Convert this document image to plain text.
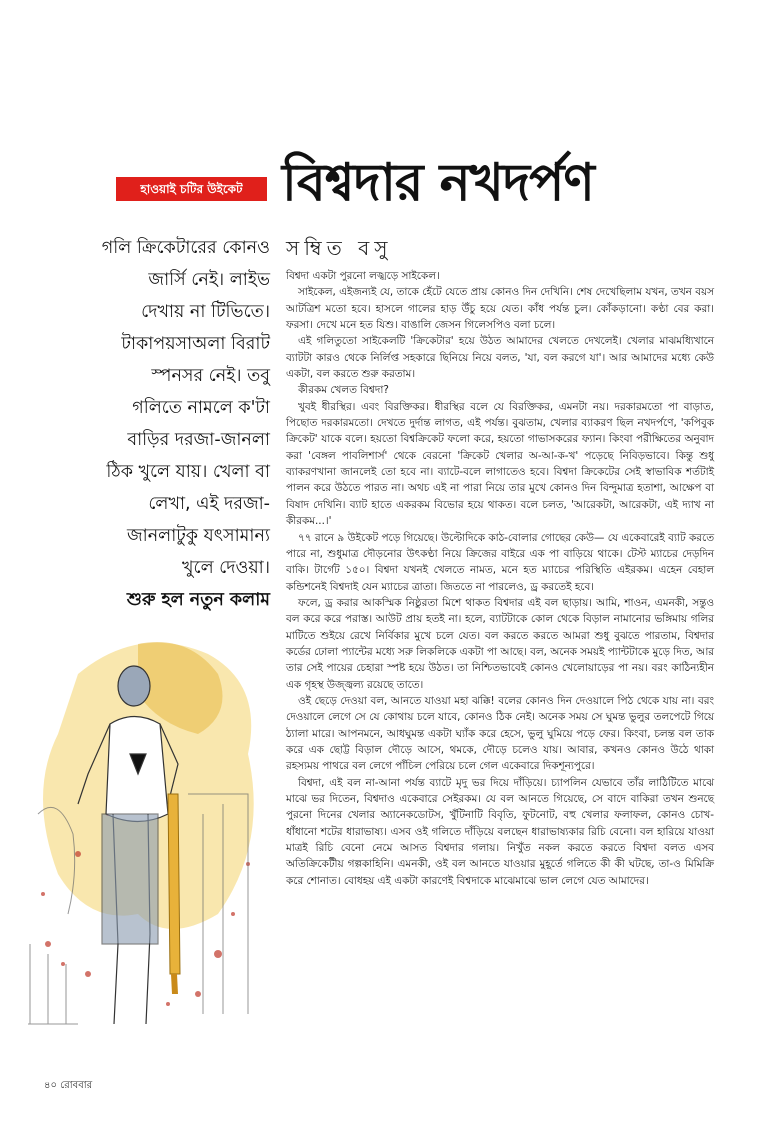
হাওয়াই চটির উইকেট বিশ্বদার নখদর্পণ
সম্বিত বসু
গলি ক্রিকেটারের কোনও
জার্সি নেই। লাইভ
দেখায় না টিভিতে।
টাকাপয়সাঅলা বিরাট
স্পনসর নেই। তবু
গলিতে নামলে ক'টা
বাড়ির দরজা-জানলা
ঠিক খুলে যায়। খেলা বা
লেখা, এই দরজা-
জানলাটুকু যৎসামান্য
খুলে দেওয়া।
শুরু হল নতুন কলাম

বিশ্বদা একটা পুরনো লজ্ঝড়ে সাইকেল।

সাইকেল, এইজন্যই যে, তাকে হেঁটে যেতে প্রায় কোনও দিন দেখিনি। শেষ দেখেছিলাম যখন, তখন বয়স আটত্রিশ মতো হবে। হাসলে গালের হাড় উঁচু হয়ে যেত। কাঁধ পর্যন্ত চুল। কোঁকড়ানো। কণ্ঠা বের করা। ফরসা। দেখে মনে হত যিশু। বাঙালি জেসন গিলেসপিও বলা চলে।

এই গলিতুতো সাইকেলটি 'ক্রিকেটার' হয়ে উঠত আমাদের খেলতে দেখলেই। খেলার মাঝমধ্যিখানে ব্যাটটা কারও থেকে নির্লিপ্ত সহকারে ছিনিয়ে নিয়ে বলত, 'যা, বল করগে যা'। আর আমাদের মধ্যে কেউ একটা, বল করতে শুরু করতাম।

কীরকম খেলত বিশ্বদা?

খুবই ধীরস্থির। এবং বিরক্তিকর। ধীরস্থির বলে যে বিরক্তিকর, এমনটা নয়। দরকারমতো পা বাড়াত, পিছোত দরকারমতো। দেখতে দুর্দান্ত লাগত, এই পর্যন্ত। বুঝতাম, খেলার ব্যাকরণ ছিল নখদর্পণে, 'কপিবুক ক্রিকেট' যাকে বলে। হয়তো বিশ্বক্রিকেট ফলো করে, হয়তো গাভাসকরের ফ্যান। কিংবা পরীক্ষিতের অনুবাদ করা 'বেঙ্গল পাবলিশার্স' থেকে বেরনো 'ক্রিকেট খেলার অ-আ-ক-খ' পড়েছে নিবিড়ভাবে। কিন্তু শুধু ব্যাকরণখানা জানলেই তো হবে না। ব্যাটে-বলে লাগাতেও হবে। বিশ্বদা ক্রিকেটের সেই স্বাভাবিক শর্তটাই পালন করে উঠতে পারত না। অথচ এই না পারা নিয়ে তার মুখে কোনও দিন বিন্দুমাত্র হতাশা, আক্ষেপ বা বিষাদ দেখিনি। ব্যাট হাতে একরকম বিভোর হয়ে থাকত। বলে চলত, 'আরেকটা, আরেকটা, এই দ্যাখ না কীরকম...।'

৭৭ রানে ৯ উইকেট পড়ে গিয়েছে। উল্টোদিকে কাঠ-বোলার গোছের কেউ— যে একেবারেই ব্যাট করতে পারে না, শুধুমাত্র দৌড়নোর উৎকণ্ঠা নিয়ে ক্রিজের বাইরে এক পা বাড়িয়ে থাকে। টেস্ট ম্যাচের দেড়দিন বাকি। টার্গেট ১৫০। বিশ্বদা যখনই খেলতে নামত, মনে হত ম্যাচের পরিস্থিতি এইরকম। এহেন বেহাল কন্ডিশনেই বিশ্বদাই যেন ম্যাচের ত্রাতা। জিততে না পারলেও, ড্র করতেই হবে।

ফলে, ড্র করার আকস্মিক নিষ্ঠুরতা মিশে থাকত বিশ্বদার এই বল ছাড়ায়। আমি, শাওন, এমনকী, সন্তুও বল করে করে পরাস্ত। আউট প্রায় হতই না। হলে, ব্যাটটাকে কোল থেকে বিড়াল নামানোর ভঙ্গিমায় গলির মাটিতে শুইয়ে রেখে নির্বিকার মুখে চলে যেত। বল করতে করতে আমরা শুধু বুঝতে পারতাম, বিশ্বদার কর্ডের ঢোলা প্যান্টের মধ্যে সরু লিকলিকে একটা পা আছে। বল, অনেক সময়ই প্যান্টটাকে মুড়ে দিত, আর তার সেই পায়ের চেহারা স্পষ্ট হয়ে উঠত। তা নিশ্চিতভাবেই কোনও খেলোয়াড়ের পা নয়। বরং কাঠিন্যহীন এক গৃহস্থ উজ্জ্বল্য রয়েছে তাতে।

ওই ছেড়ে দেওয়া বল, আনতে যাওয়া মহা ঝক্কি! বলের কোনও দিন দেওয়ালে পিঠ থেকে যায় না। বরং দেওয়ালে লেগে সে যে কোথায় চলে যাবে, কোনও ঠিক নেই। অনেক সময় সে ঘুমন্ত ভুলুর তলপেটে গিয়ে ঠ্যালা মারে। আপনমনে, আধঘুমন্ত একটা ঘ্যাঁক করে হেসে, ভুলু ঘুমিয়ে পড়ে ফের। কিংবা, চলন্ত বল তাক করে এক ছোট্ট বিড়াল দৌড়ে আসে, থমকে, দৌড়ে চলেও যায়। আবার, কখনও কোনও উঠে থাকা রহস্যময় পাথরে বল লেগে পাঁচিল পেরিয়ে চলে গেল একেবারে দিকশূন্যপুরে।

বিশ্বদা, এই বল না-আনা পর্যন্ত ব্যাটে মৃদু ভর দিয়ে দাঁড়িয়ে। চ্যাপলিন যেভাবে তাঁর লাঠিটিতে মাঝে মাঝে ভর দিতেন, বিশ্বদাও একেবারে সেইরকম। যে বল আনতে গিয়েছে, সে বাদে বাকিরা তখন শুনছে পুরনো দিনের খেলার অ্যানেকডোটস, খুঁটিনাটি বিবৃতি, ফুটনোট, বহু খেলার ফলাফল, কোনও চোখ-ধাঁধানো শটের ধারাভাষ্য। এসব ওই গলিতে দাঁড়িয়ে বলছেন ধারাভাষ্যকার রিচি বেনো। বল হারিয়ে যাওয়া মাত্রই রিচি বেনো নেমে আসত বিশ্বদার গলায়। নিখুঁত নকল করতে করতে বিশ্বদা বলত এসব অতিক্রিকেটীয় গল্পকাহিনি। এমনকী, ওই বল আনতে যাওয়ার মুহূর্তে গলিতে কী কী ঘটছে, তা-ও মিমিক্রি করে শোনাত। বোধহয় এই একটা কারণেই বিশ্বদাকে মাঝেমাঝে ভাল লেগে যেত আমাদের।

৪০ রোববার
